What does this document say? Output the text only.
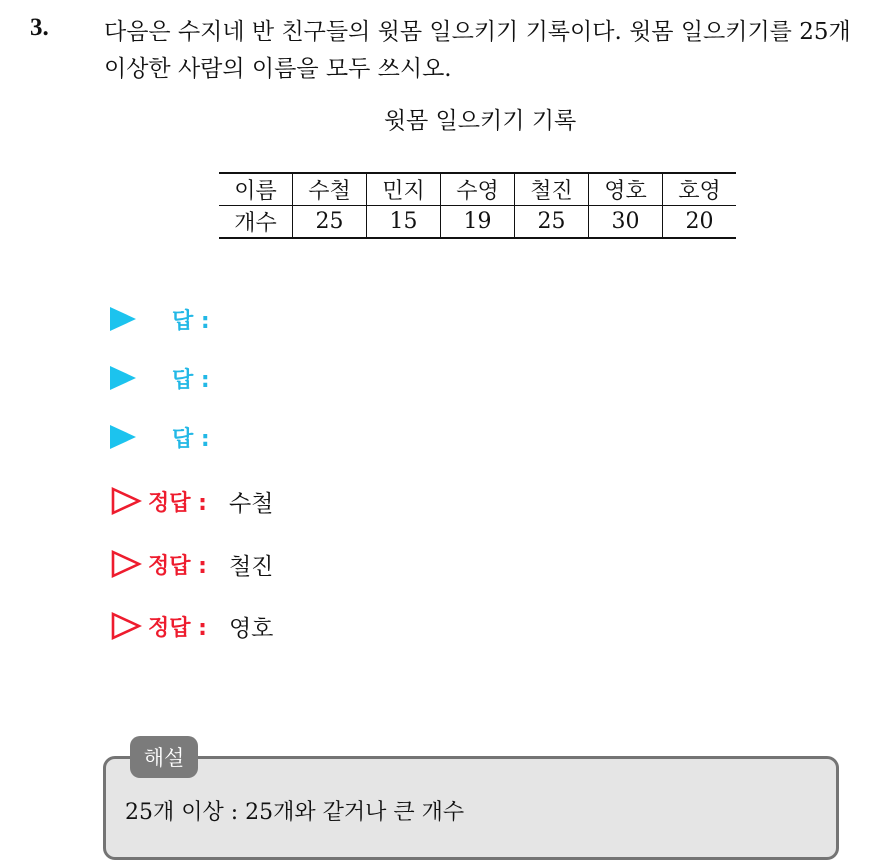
3. 다음은 수지네 반 친구들의 윗몸 일으키기 기록이다. 윗몸 일으키기를 25개 이상한 사람의 이름을 모두 쓰시오.
윗몸 일으키기 기록
이름	수철	민지	수영	철진	영호	호영
개수	25	15	19	25	30	20
답 :
답 :
답 :
정답 : 수철
정답 : 철진
정답 : 영호
해설
25개 이상 : 25개와 같거나 큰 개수
